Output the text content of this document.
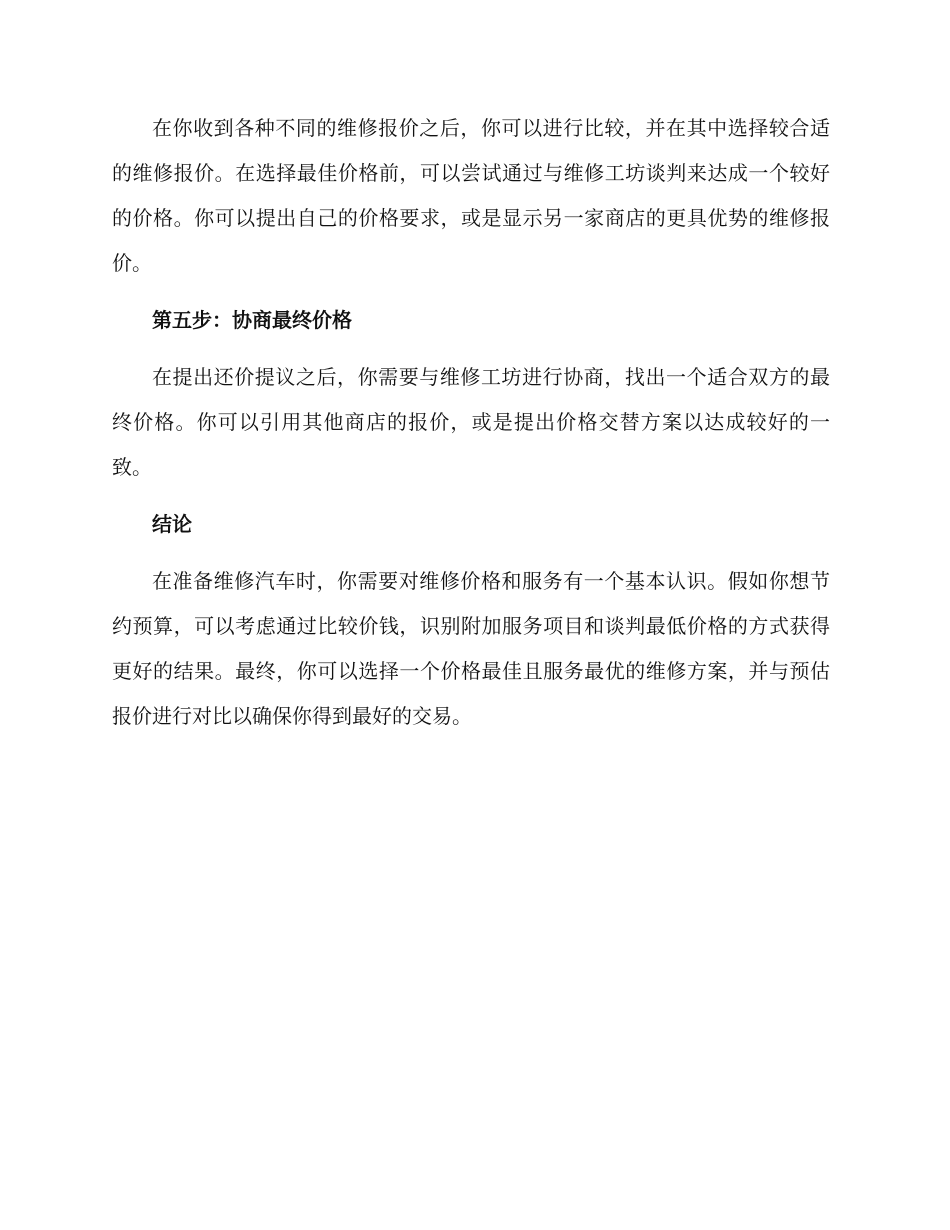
在你收到各种不同的维修报价之后，你可以进行比较，并在其中选择较合适的维修报价。在选择最佳价格前，可以尝试通过与维修工坊谈判来达成一个较好的价格。你可以提出自己的价格要求，或是显示另一家商店的更具优势的维修报价。

第五步：协商最终价格

在提出还价提议之后，你需要与维修工坊进行协商，找出一个适合双方的最终价格。你可以引用其他商店的报价，或是提出价格交替方案以达成较好的一致。

结论

在准备维修汽车时，你需要对维修价格和服务有一个基本认识。假如你想节约预算，可以考虑通过比较价钱，识别附加服务项目和谈判最低价格的方式获得更好的结果。最终，你可以选择一个价格最佳且服务最优的维修方案，并与预估报价进行对比以确保你得到最好的交易。
